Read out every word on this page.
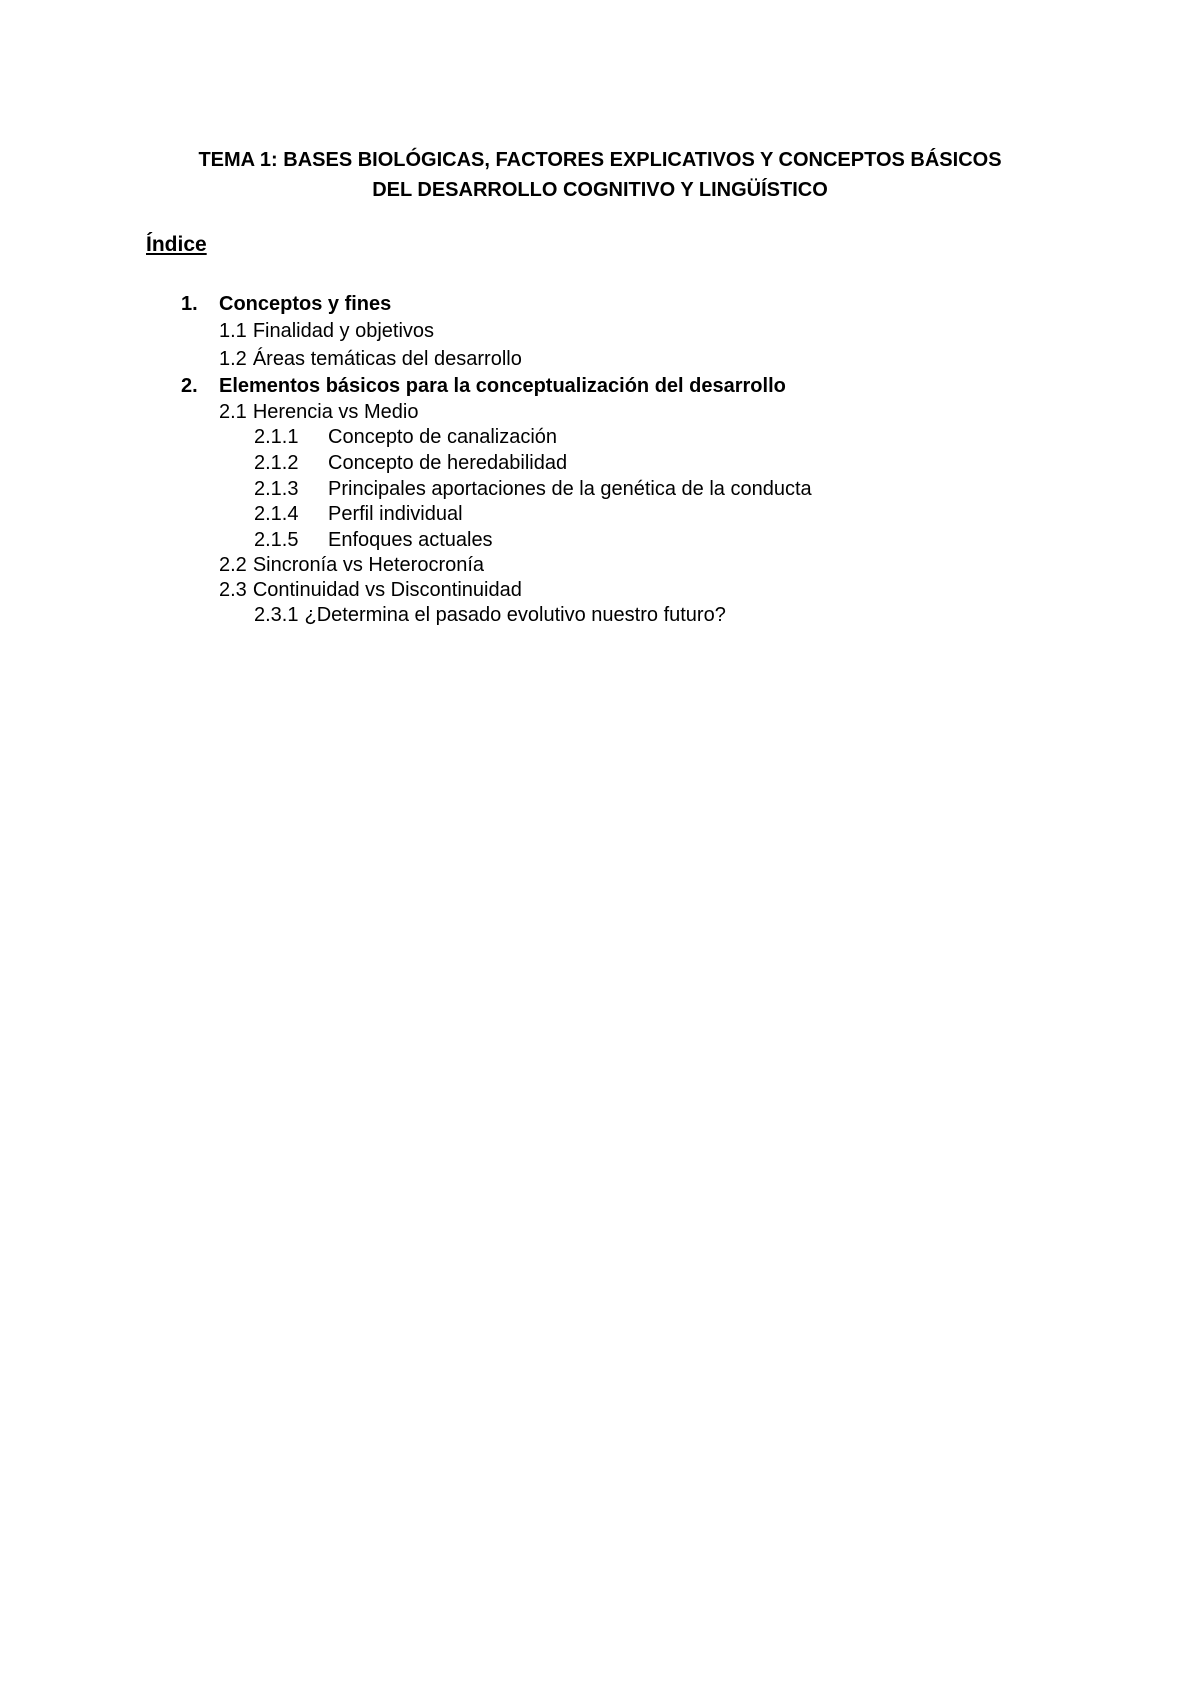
TEMA 1: BASES BIOLÓGICAS, FACTORES EXPLICATIVOS Y CONCEPTOS BÁSICOS
DEL DESARROLLO COGNITIVO Y LINGÜÍSTICO
Índice
1. Conceptos y fines
1.1 Finalidad y objetivos
1.2 Áreas temáticas del desarrollo
2. Elementos básicos para la conceptualización del desarrollo
2.1 Herencia vs Medio
2.1.1 Concepto de canalización
2.1.2 Concepto de heredabilidad
2.1.3 Principales aportaciones de la genética de la conducta
2.1.4 Perfil individual
2.1.5 Enfoques actuales
2.2 Sincronía vs Heterocronía
2.3 Continuidad vs Discontinuidad
2.3.1 ¿Determina el pasado evolutivo nuestro futuro?
